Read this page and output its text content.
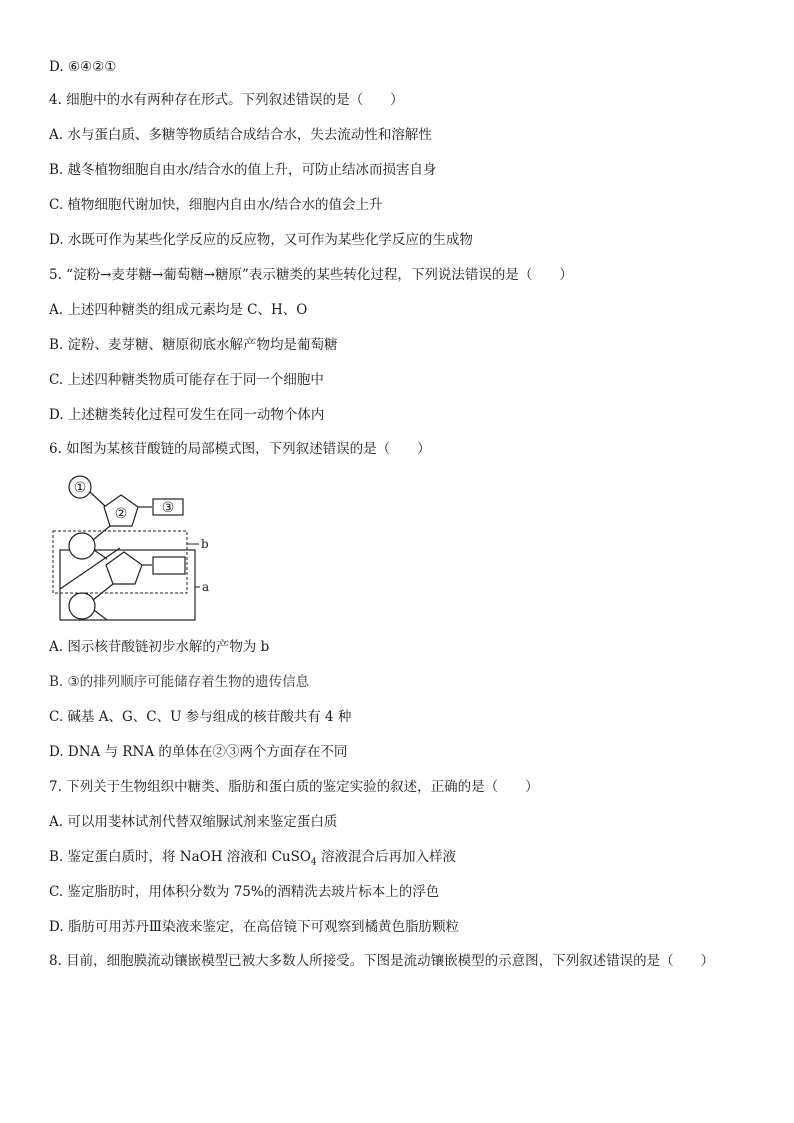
D. ⑥④②①
4. 细胞中的水有两种存在形式。下列叙述错误的是（　　）
A. 水与蛋白质、多糖等物质结合成结合水，失去流动性和溶解性
B. 越冬植物细胞自由水/结合水的值上升，可防止结冰而损害自身
C. 植物细胞代谢加快，细胞内自由水/结合水的值会上升
D. 水既可作为某些化学反应的反应物，又可作为某些化学反应的生成物
5. “淀粉→麦芽糖→葡萄糖→糖原”表示糖类的某些转化过程，下列说法错误的是（　　）
A. 上述四种糖类的组成元素均是 C、H、O
B. 淀粉、麦芽糖、糖原彻底水解产物均是葡萄糖
C. 上述四种糖类物质可能存在于同一个细胞中
D. 上述糖类转化过程可发生在同一动物个体内
6. 如图为某核苷酸链的局部模式图，下列叙述错误的是（　　）
①
② ③
b
a
A. 图示核苷酸链初步水解的产物为 b
B. ③的排列顺序可能储存着生物的遗传信息
C. 碱基 A、G、C、U 参与组成的核苷酸共有 4 种
D. DNA 与 RNA 的单体在②③两个方面存在不同
7. 下列关于生物组织中糖类、脂肪和蛋白质的鉴定实验的叙述，正确的是（　　）
A. 可以用斐林试剂代替双缩脲试剂来鉴定蛋白质
B. 鉴定蛋白质时，将 NaOH 溶液和 CuSO$_4$ 溶液混合后再加入样液
C. 鉴定脂肪时，用体积分数为 75%的酒精洗去玻片标本上的浮色
D. 脂肪可用苏丹Ⅲ染液来鉴定，在高倍镜下可观察到橘黄色脂肪颗粒
8. 目前，细胞膜流动镶嵌模型已被大多数人所接受。下图是流动镶嵌模型的示意图，下列叙述错误的是（　　）
